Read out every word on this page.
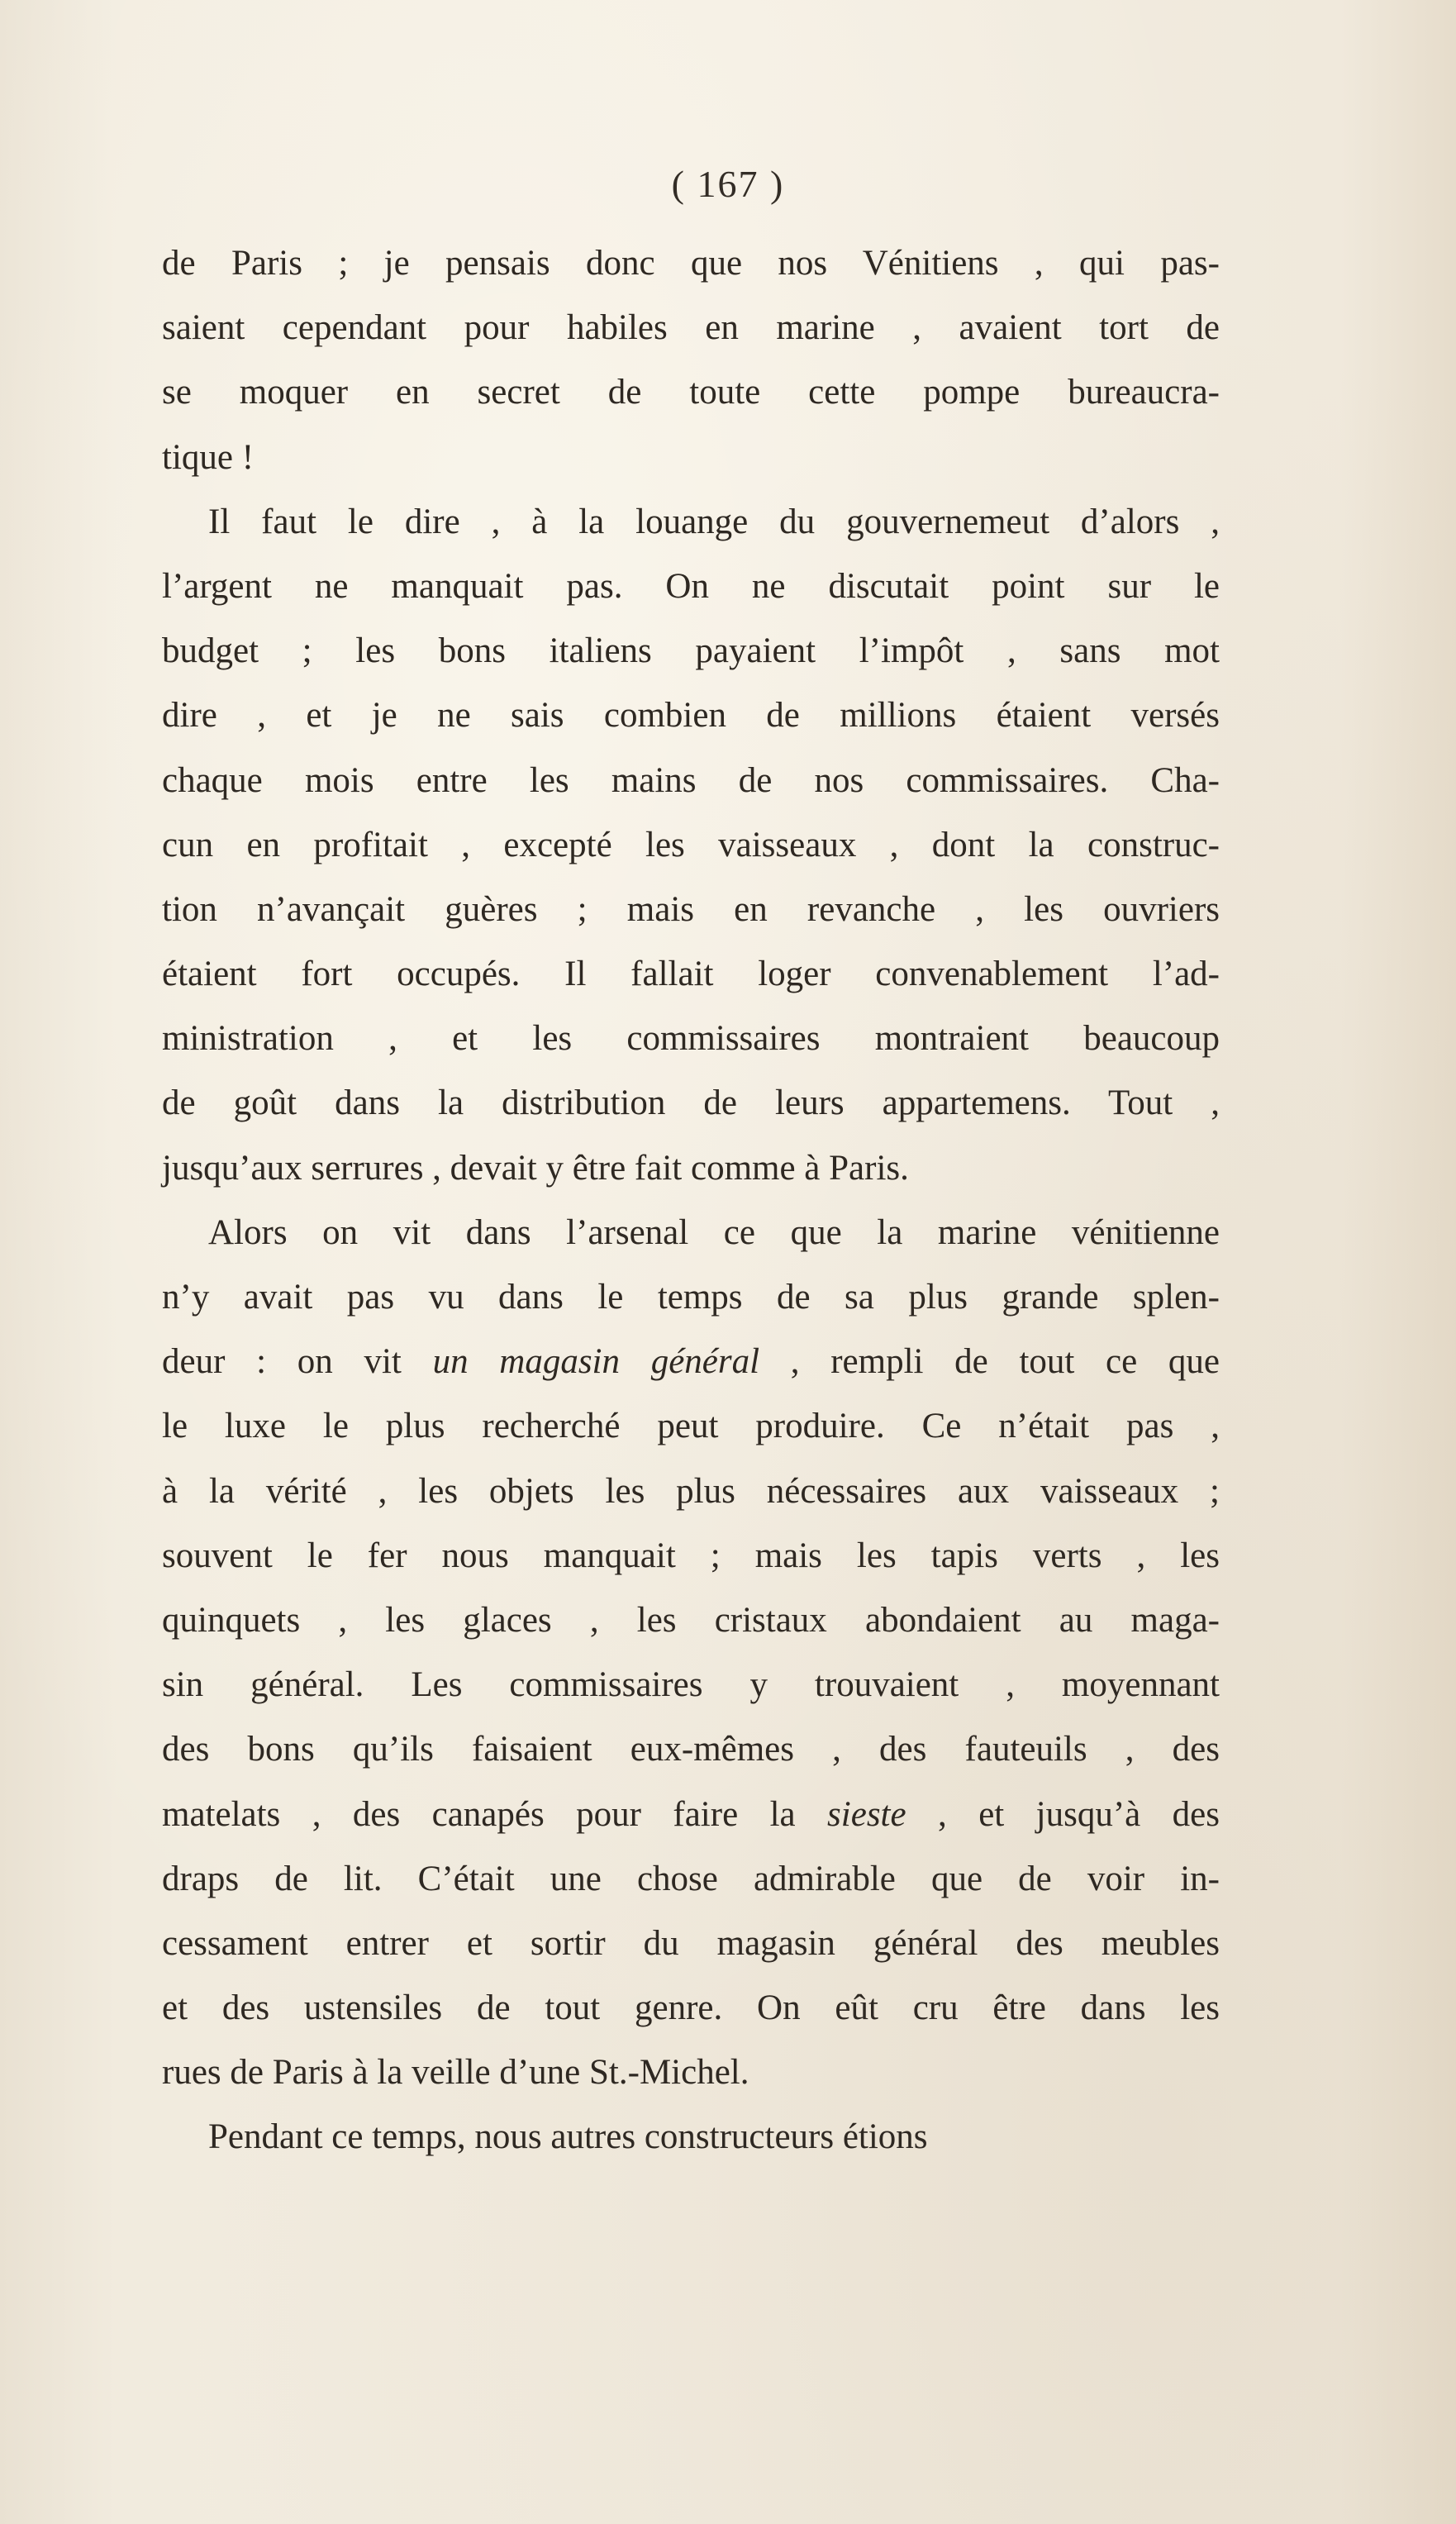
( 167 )
de Paris ; je pensais donc que nos Vénitiens , qui pas-
saient cependant pour habiles en marine , avaient tort de
se moquer en secret de toute cette pompe bureaucra-
tique !
Il faut le dire , à la louange du gouvernemeut d’alors ,
l’argent ne manquait pas. On ne discutait point sur le
budget ; les bons italiens payaient l’impôt , sans mot
dire , et je ne sais combien de millions étaient versés
chaque mois entre les mains de nos commissaires. Cha-
cun en profitait , excepté les vaisseaux , dont la construc-
tion n’avançait guères ; mais en revanche , les ouvriers
étaient fort occupés. Il fallait loger convenablement l’ad-
ministration , et les commissaires montraient beaucoup
de goût dans la distribution de leurs appartemens. Tout ,
jusqu’aux serrures , devait y être fait comme à Paris.
Alors on vit dans l’arsenal ce que la marine vénitienne
n’y avait pas vu dans le temps de sa plus grande splen-
deur : on vit un magasin général , rempli de tout ce que
le luxe le plus recherché peut produire. Ce n’était pas ,
à la vérité , les objets les plus nécessaires aux vaisseaux ;
souvent le fer nous manquait ; mais les tapis verts , les
quinquets , les glaces , les cristaux abondaient au maga-
sin général. Les commissaires y trouvaient , moyennant
des bons qu’ils faisaient eux-mêmes , des fauteuils , des
matelats , des canapés pour faire la sieste , et jusqu’à des
draps de lit. C’était une chose admirable que de voir in-
cessament entrer et sortir du magasin général des meubles
et des ustensiles de tout genre. On eût cru être dans les
rues de Paris à la veille d’une St.-Michel.
Pendant ce temps, nous autres constructeurs étions
